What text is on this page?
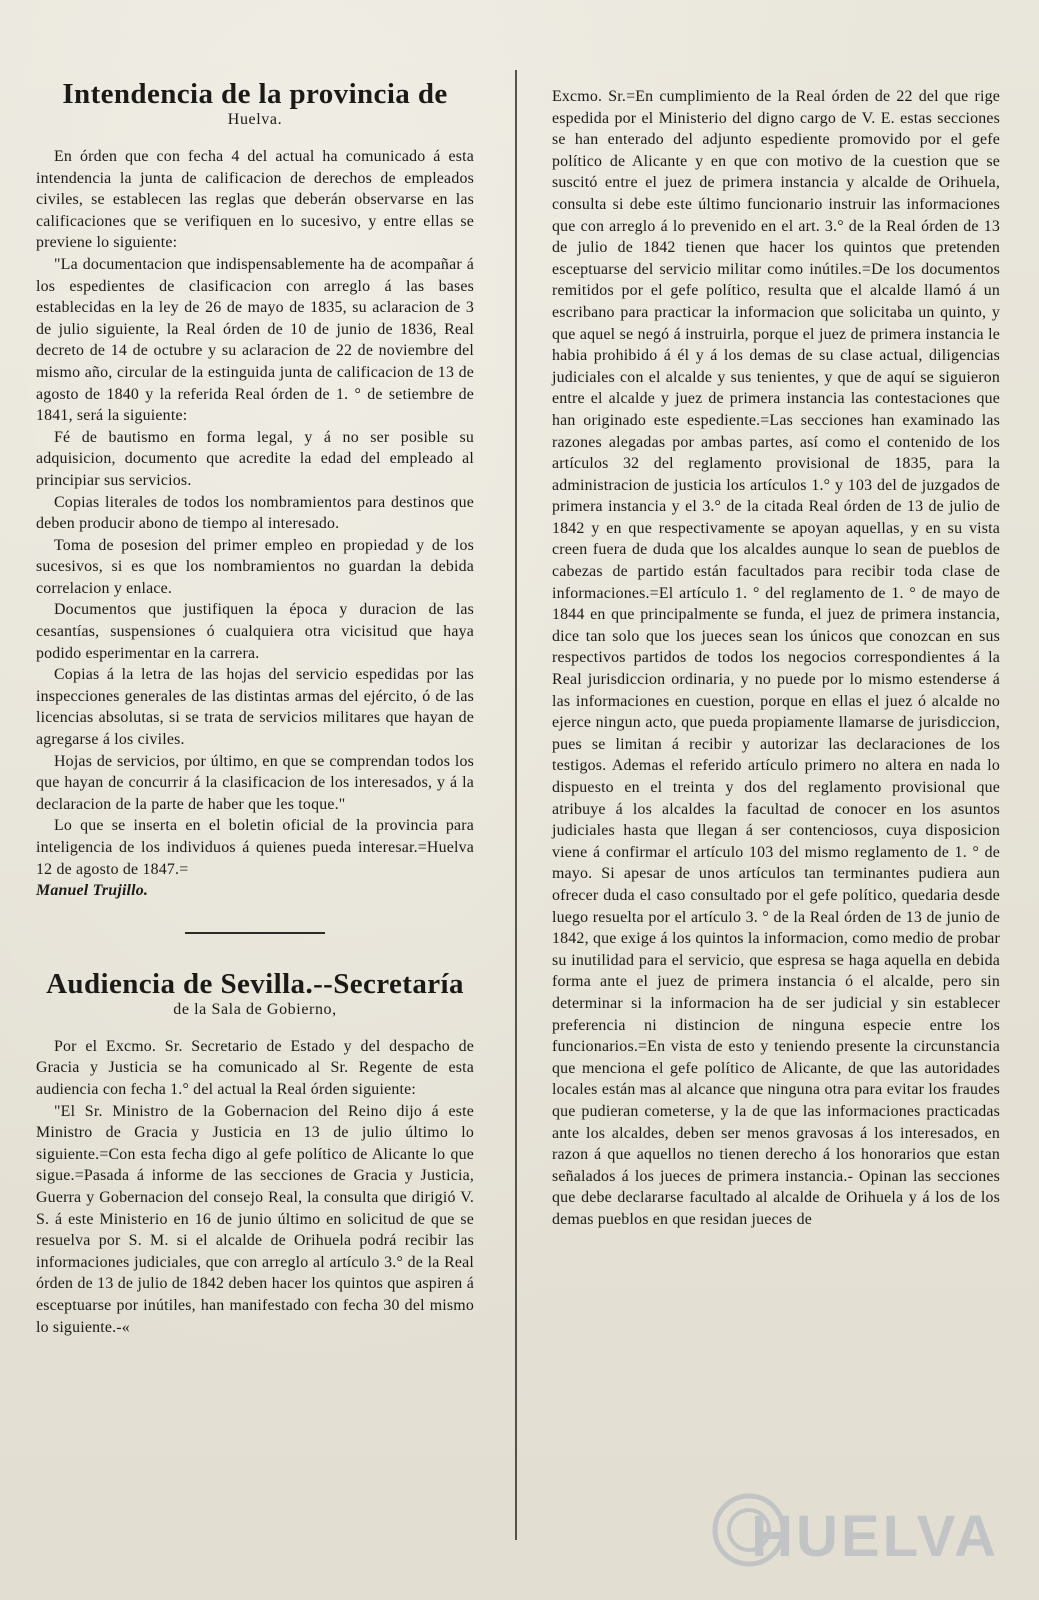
Intendencia de la provincia de
Huelva.

En órden que con fecha 4 del actual ha comunicado á esta intendencia la junta de calificacion de derechos de empleados civiles, se establecen las reglas que deberán observarse en las calificaciones que se verifiquen en lo sucesivo, y entre ellas se previene lo siguiente:

"La documentacion que indispensablemente ha de acompañar á los espedientes de clasificacion con arreglo á las bases establecidas en la ley de 26 de mayo de 1835, su aclaracion de 3 de julio siguiente, la Real órden de 10 de junio de 1836, Real decreto de 14 de octubre y su aclaracion de 22 de noviembre del mismo año, circular de la estinguida junta de calificacion de 13 de agosto de 1840 y la referida Real órden de 1. ° de setiembre de 1841, será la siguiente:

Fé de bautismo en forma legal, y á no ser posible su adquisicion, documento que acredite la edad del empleado al principiar sus servicios.

Copias literales de todos los nombramientos para destinos que deben producir abono de tiempo al interesado.

Toma de posesion del primer empleo en propiedad y de los sucesivos, si es que los nombramientos no guardan la debida correlacion y enlace.

Documentos que justifiquen la época y duracion de las cesantías, suspensiones ó cualquiera otra vicisitud que haya podido esperimentar en la carrera.

Copias á la letra de las hojas del servicio espedidas por las inspecciones generales de las distintas armas del ejército, ó de las licencias absolutas, si se trata de servicios militares que hayan de agregarse á los civiles.

Hojas de servicios, por último, en que se comprendan todos los que hayan de concurrir á la clasificacion de los interesados, y á la declaracion de la parte de haber que les toque."

Lo que se inserta en el boletin oficial de la provincia para inteligencia de los individuos á quienes pueda interesar.=Huelva 12 de agosto de 1847.=

Manuel Trujillo.

Audiencia de Sevilla.--Secretaría
de la Sala de Gobierno,

Por el Excmo. Sr. Secretario de Estado y del despacho de Gracia y Justicia se ha comunicado al Sr. Regente de esta audiencia con fecha 1.° del actual la Real órden siguiente:

"El Sr. Ministro de la Gobernacion del Reino dijo á este Ministro de Gracia y Justicia en 13 de julio último lo siguiente.=Con esta fecha digo al gefe político de Alicante lo que sigue.=Pasada á informe de las secciones de Gracia y Justicia, Guerra y Gobernacion del consejo Real, la consulta que dirigió V. S. á este Ministerio en 16 de junio último en solicitud de que se resuelva por S. M. si el alcalde de Orihuela podrá recibir las informaciones judiciales, que con arreglo al artículo 3.° de la Real órden de 13 de julio de 1842 deben hacer los quintos que aspiren á esceptuarse por inútiles, han manifestado con fecha 30 del mismo lo siguiente.-«

Excmo. Sr.=En cumplimiento de la Real órden de 22 del que rige espedida por el Ministerio del digno cargo de V. E. estas secciones se han enterado del adjunto espediente promovido por el gefe político de Alicante y en que con motivo de la cuestion que se suscitó entre el juez de primera instancia y alcalde de Orihuela, consulta si debe este último funcionario instruir las informaciones que con arreglo á lo prevenido en el art. 3.° de la Real órden de 13 de julio de 1842 tienen que hacer los quintos que pretenden esceptuarse del servicio militar como inútiles.=De los documentos remitidos por el gefe político, resulta que el alcalde llamó á un escribano para practicar la informacion que solicitaba un quinto, y que aquel se negó á instruirla, porque el juez de primera instancia le habia prohibido á él y á los demas de su clase actual, diligencias judiciales con el alcalde y sus tenientes, y que de aquí se siguieron entre el alcalde y juez de primera instancia las contestaciones que han originado este espediente.=Las secciones han examinado las razones alegadas por ambas partes, así como el contenido de los artículos 32 del reglamento provisional de 1835, para la administracion de justicia los artículos 1.° y 103 del de juzgados de primera instancia y el 3.° de la citada Real órden de 13 de julio de 1842 y en que respectivamente se apoyan aquellas, y en su vista creen fuera de duda que los alcaldes aunque lo sean de pueblos de cabezas de partido están facultados para recibir toda clase de informaciones.=El artículo 1. ° del reglamento de 1. ° de mayo de 1844 en que principalmente se funda, el juez de primera instancia, dice tan solo que los jueces sean los únicos que conozcan en sus respectivos partidos de todos los negocios correspondientes á la Real jurisdiccion ordinaria, y no puede por lo mismo estenderse á las informaciones en cuestion, porque en ellas el juez ó alcalde no ejerce ningun acto, que pueda propiamente llamarse de jurisdiccion, pues se limitan á recibir y autorizar las declaraciones de los testigos. Ademas el referido artículo primero no altera en nada lo dispuesto en el treinta y dos del reglamento provisional que atribuye á los alcaldes la facultad de conocer en los asuntos judiciales hasta que llegan á ser contenciosos, cuya disposicion viene á confirmar el artículo 103 del mismo reglamento de 1. ° de mayo. Si apesar de unos artículos tan terminantes pudiera aun ofrecer duda el caso consultado por el gefe político, quedaria desde luego resuelta por el artículo 3. ° de la Real órden de 13 de junio de 1842, que exige á los quintos la informacion, como medio de probar su inutilidad para el servicio, que espresa se haga aquella en debida forma ante el juez de primera instancia ó el alcalde, pero sin determinar si la informacion ha de ser judicial y sin establecer preferencia ni distincion de ninguna especie entre los funcionarios.=En vista de esto y teniendo presente la circunstancia que menciona el gefe político de Alicante, de que las autoridades locales están mas al alcance que ninguna otra para evitar los fraudes que pudieran cometerse, y la de que las informaciones practicadas ante los alcaldes, deben ser menos gravosas á los interesados, en razon á que aquellos no tienen derecho á los honorarios que estan señalados á los jueces de primera instancia.- Opinan las secciones que debe declararse facultado al alcalde de Orihuela y á los de los demas pueblos en que residan jueces de

HUELVA
